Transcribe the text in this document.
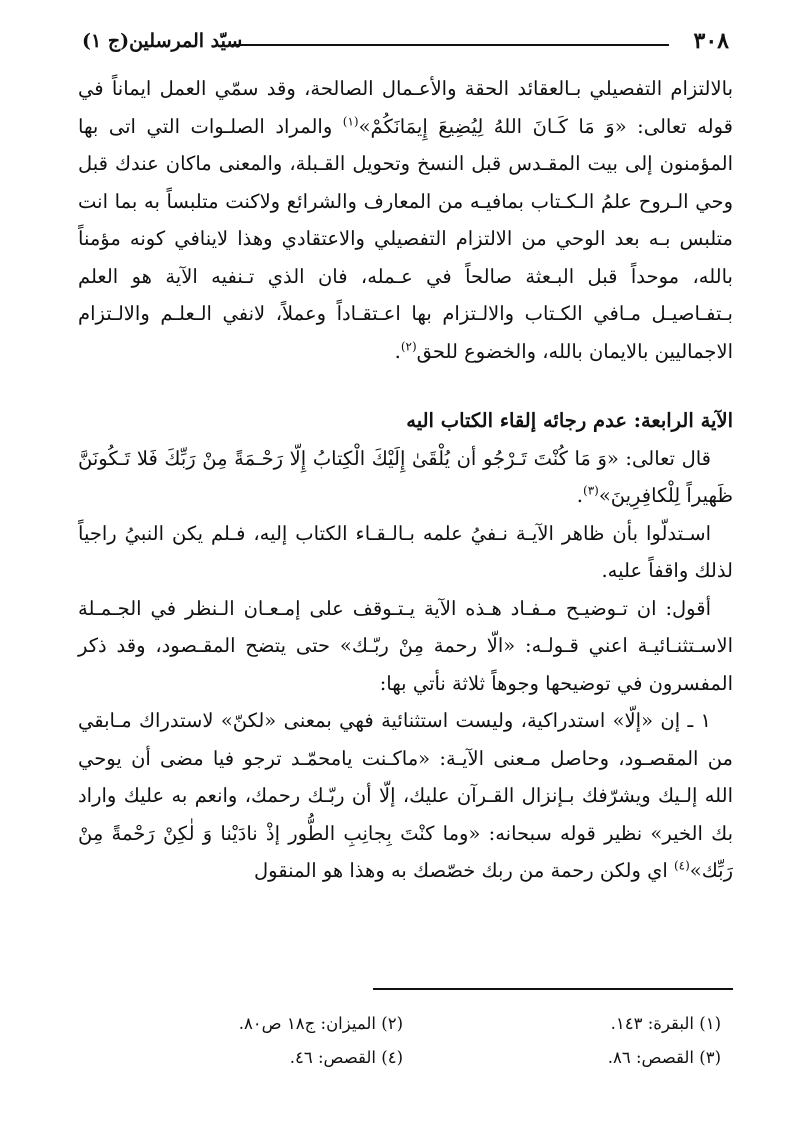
٣٠٨
سيّد المرسلين(ج ١)

بالالتزام التفصيلي بـالعقائد الحقة والأعـمال الصالحة، وقد سمّي العمل ايماناً في قوله تعالى: «وَ مَا كَـانَ اللهُ لِيُضِيعَ إِيمَانَكُمْ»$^{(١)}$ والمراد الصلـوات التي اتى بها المؤمنون إلى بيت المقـدس قبل النسخ وتحويل القـبلة، والمعنى ماكان عندك قبل وحي الـروح علمُ الـكـتاب بمافيـه من المعارف والشرائع ولاكنت متلبساً به بما انت متلبس بـه بعد الوحي من الالتزام التفصيلي والاعتقادي وهذا لاينافي كونه مؤمناً بالله، موحداً قبل البـعثة صالحاً في عـمله، فان الذي تـنفيه الآية هو العلم بـتفـاصيـل مـافي الكـتاب والالـتزام بها اعـتقـاداً وعملاً، لانفي الـعلـم والالـتزام الاجماليين بالايمان بالله، والخضوع للحق$^{(٢)}$.

الآية الرابعة: عدم رجائه إلقاء الكتاب اليه

قال تعالى: «وَ مَا كُنْتَ تَـرْجُو أن يُلْقَىٰ إِلَيْكَ الْكِتابُ إِلّا رَحْـمَةً مِنْ رَبِّكَ فَلا تَـكُونَنَّ ظَهيراً لِلْكافِرِينَ»$^{(٣)}$.

اسـتدلّوا بأن ظاهر الآيـة نـفيُ علمه بـالـقـاء الكتاب إليه، فـلم يكن النبيُ راجياً لذلك واقفاً عليه.

أقول: ان تـوضيـح مـفـاد هـذه الآية يـتـوقف على إمـعـان الـنظر في الجـمـلة الاسـتثنـائيـة اعني قـولـه: «الّا رحمة مِنْ ربّـك» حتى يتضح المقـصود، وقد ذكر المفسرون في توضيحها وجوهاً ثلاثة نأتي بها:

١ ـ إن «إلّا» استدراكية، وليست استثنائية فهي بمعنى «لكنّ» لاستدراك مـابقي من المقصـود، وحاصل مـعنى الآيـة: «ماكـنت يامحمّـد ترجو فيا مضى أن يوحي الله إلـيك ويشرّفك بـإنزال القـرآن عليك، إلّا أن ربّـك رحمك، وانعم به عليك واراد بك الخير» نظير قوله سبحانه: «وما كنْتَ بِجانِبِ الطُّور إذْ نادَيْنا وَ لٰكِنْ رَحْمةً مِنْ رَبِّك»$^{(٤)}$ اي ولكن رحمة من ربك خصّصك به وهذا هو المنقول

(١) البقرة: ١٤٣.
(٢) الميزان: ج١٨ ص٨٠.
(٣) القصص: ٨٦.
(٤) القصص: ٤٦.
